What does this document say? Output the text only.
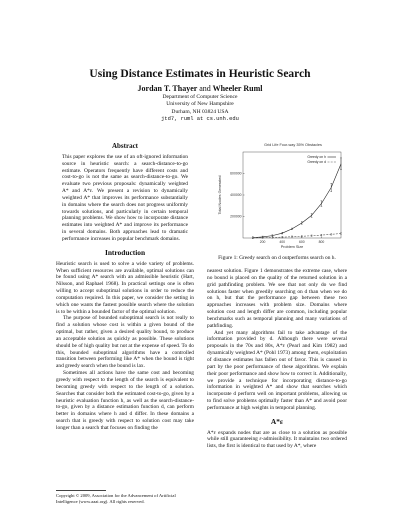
Using Distance Estimates in Heuristic Search
Jordan T. Thayer and Wheeler Ruml
Department of Computer Science
University of New Hampshire
Durham, NH 03824 USA
jtd7, ruml at cs.unh.edu
Abstract
This paper explores the use of an oft-ignored information source in heuristic search: a search-distance-to-go estimate. Operators frequently have different costs and cost-to-go is not the same as search-distance-to-go. We evaluate two previous proposals: dynamically weighted A* and A*ε. We present a revision to dynamically weighted A* that improves its performance substantially in domains where the search does not progress uniformly towards solutions, and particularly in certain temporal planning problems. We show how to incorporate distance estimates into weighted A* and improve its performance in several domains. Both approaches lead to dramatic performance increases in popular benchmark domains.
Introduction

Heuristic search is used to solve a wide variety of problems. When sufficient resources are available, optimal solutions can be found using A* search with an admissible heuristic (Hart, Nilsson, and Raphael 1968). In practical settings one is often willing to accept suboptimal solutions in order to reduce the computation required. In this paper, we consider the setting in which one wants the fastest possible search where the solution is to be within a bounded factor of the optimal solution.

The purpose of bounded suboptimal search is not really to find a solution whose cost is within a given bound of the optimal, but rather, given a desired quality bound, to produce an acceptable solution as quickly as possible. These solutions should be of high quality but not at the expense of speed. To do this, bounded suboptimal algorithms have a controlled transition between performing like A* when the bound is tight and greedy search when the bound is lax.

Sometimes all actions have the same cost and becoming greedy with respect to the length of the search is equivalent to becoming greedy with respect to the length of a solution. Searches that consider both the estimated cost-to-go, given by a heuristic evaluation function h, as well as the search-distance-to-go, given by a distance estimation function d, can perform better in domains where h and d differ. In these domains a search that is greedy with respect to solution cost may take longer than a search that focuses on finding the

Copyright © 2009, Association for the Advancement of Artificial Intelligence (www.aaai.org). All rights reserved.
Grid Life Four-way 35% Obstacles
200000
400000
600000
200	400	600	800
Total Nodes Generated
Problem Size
Greedy on h
Greedy on d
Figure 1: Greedy search on d outperforms search on h.

nearest solution. Figure 1 demonstrates the extreme case, where no bound is placed on the quality of the returned solution in a grid pathfinding problem. We see that not only do we find solutions faster when greedily searching on d than when we do on h, but that the performance gap between these two approaches increases with problem size. Domains where solution cost and length differ are common, including popular benchmarks such as temporal planning and many variations of pathfinding.

And yet many algorithms fail to take advantage of the information provided by d. Although there were several proposals in the 70s and 80s, A*ε (Pearl and Kim 1982) and dynamically weighted A* (Pohl 1973) among them, exploitation of distance estimates has fallen out of favor. This is caused in part by the poor performance of these algorithms. We explain their poor performance and show how to correct it. Additionally, we provide a technique for incorporating distance-to-go information in weighted A* and show that searches which incorporate d perform well on important problems, allowing us to find solve problems optimally faster than A* and avoid poor performance at high weights in temporal planning.

A*ε

A*ε expands nodes that are as close to a solution as possible while still guaranteeing ε-admissibility. It maintains two ordered lists, the first is identical to that used by A*, where
